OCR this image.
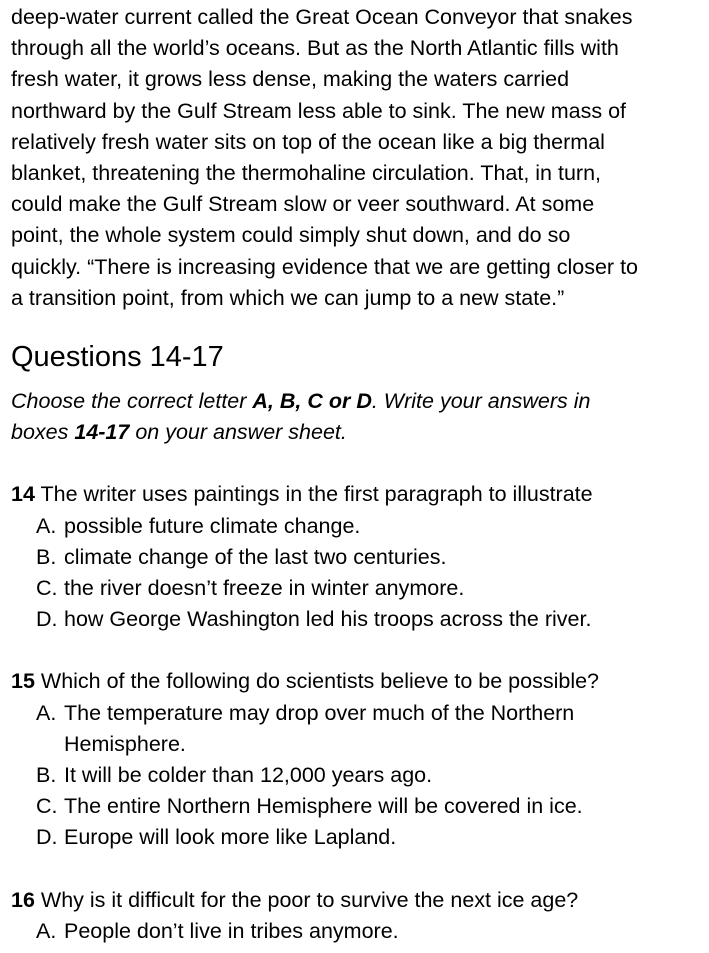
deep-water current called the Great Ocean Conveyor that snakes
through all the world’s oceans. But as the North Atlantic fills with
fresh water, it grows less dense, making the waters carried
northward by the Gulf Stream less able to sink. The new mass of
relatively fresh water sits on top of the ocean like a big thermal
blanket, threatening the thermohaline circulation. That, in turn,
could make the Gulf Stream slow or veer southward. At some
point, the whole system could simply shut down, and do so
quickly. “There is increasing evidence that we are getting closer to
a transition point, from which we can jump to a new state.”
Questions 14-17

Choose the correct letter A, B, C or D. Write your answers in
boxes 14-17 on your answer sheet.

14 The writer uses paintings in the first paragraph to illustrate
A. possible future climate change.
B. climate change of the last two centuries.
C. the river doesn’t freeze in winter anymore.
D. how George Washington led his troops across the river.
15 Which of the following do scientists believe to be possible?
A. The temperature may drop over much of the Northern Hemisphere.
B. It will be colder than 12,000 years ago.
C. The entire Northern Hemisphere will be covered in ice.
D. Europe will look more like Lapland.
16 Why is it difficult for the poor to survive the next ice age?
A. People don’t live in tribes anymore.
